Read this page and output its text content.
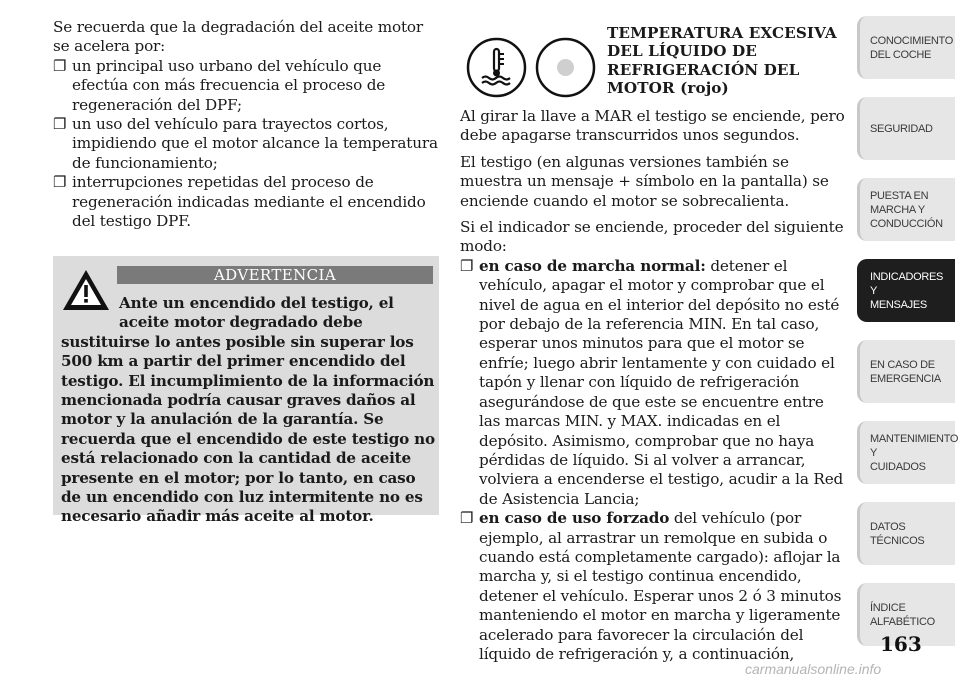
Se recuerda que la degradación del aceite motor se acelera por:

❐ un principal uso urbano del vehículo que efectúa con más frecuencia el proceso de regeneración del DPF;
❐ un uso del vehículo para trayectos cortos, impidiendo que el motor alcance la temperatura de funcionamiento;
❐ interrupciones repetidas del proceso de regeneración indicadas mediante el encendido del testigo DPF.
ADVERTENCIA
Ante un encendido del testigo, el aceite motor degradado debe
sustituirse lo antes posible sin superar los 500 km a partir del primer encendido del testigo. El incumplimiento de la información mencionada podría causar graves daños al motor y la anulación de la garantía. Se recuerda que el encendido de este testigo no está relacionado con la cantidad de aceite presente en el motor; por lo tanto, en caso de un encendido con luz intermitente no es necesario añadir más aceite al motor.
TEMPERATURA EXCESIVA DEL LÍQUIDO DE REFRIGERACIÓN DEL MOTOR (rojo)

Al girar la llave a MAR el testigo se enciende, pero debe apagarse transcurridos unos segundos.

El testigo (en algunas versiones también se muestra un mensaje + símbolo en la pantalla) se enciende cuando el motor se sobrecalienta.

Si el indicador se enciende, proceder del siguiente modo:

❐ en caso de marcha normal: detener el vehículo, apagar el motor y comprobar que el nivel de agua en el interior del depósito no esté por debajo de la referencia MIN. En tal caso, esperar unos minutos para que el motor se enfríe; luego abrir lentamente y con cuidado el tapón y llenar con líquido de refrigeración asegurándose de que este se encuentre entre las marcas MIN. y MAX. indicadas en el depósito. Asimismo, comprobar que no haya pérdidas de líquido. Si al volver a arrancar, volviera a encenderse el testigo, acudir a la Red de Asistencia Lancia;
❐ en caso de uso forzado del vehículo (por ejemplo, al arrastrar un remolque en subida o cuando está completamente cargado): aflojar la marcha y, si el testigo continua encendido, detener el vehículo. Esperar unos 2 ó 3 minutos manteniendo el motor en marcha y ligeramente acelerado para favorecer la circulación del líquido de refrigeración y, a continuación,
CONOCIMIENTO
DEL COCHE
SEGURIDAD
PUESTA EN
MARCHA Y
CONDUCCIÓN
INDICADORES Y
MENSAJES
EN CASO DE
EMERGENCIA
MANTENIMIENTO Y
CUIDADOS
DATOS TÉCNICOS
ÍNDICE
ALFABÉTICO
163
carmanualsonline.info
